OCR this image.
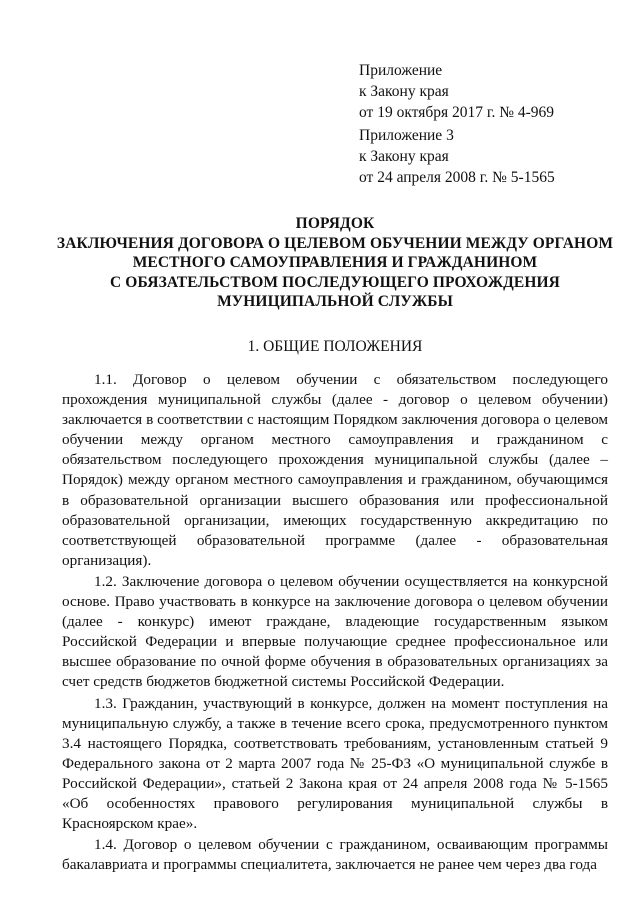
Приложение
к Закону края
от 19 октября 2017 г. № 4-969
Приложение 3
к Закону края
от 24 апреля 2008 г. № 5-1565
ПОРЯДОК
ЗАКЛЮЧЕНИЯ ДОГОВОРА О ЦЕЛЕВОМ ОБУЧЕНИИ МЕЖДУ ОРГАНОМ
МЕСТНОГО САМОУПРАВЛЕНИЯ И ГРАЖДАНИНОМ
С ОБЯЗАТЕЛЬСТВОМ ПОСЛЕДУЮЩЕГО ПРОХОЖДЕНИЯ
МУНИЦИПАЛЬНОЙ СЛУЖБЫ
1. ОБЩИЕ ПОЛОЖЕНИЯ

1.1. Договор о целевом обучении с обязательством последующего прохождения муниципальной службы (далее - договор о целевом обучении) заключается в соответствии с настоящим Порядком заключения договора о целевом обучении между органом местного самоуправления и гражданином с обязательством последующего прохождения муниципальной службы (далее – Порядок) между органом местного самоуправления и гражданином, обучающимся в образовательной организации высшего образования или профессиональной образовательной организации, имеющих государственную аккредитацию по соответствующей образовательной программе (далее - образовательная организация).

1.2. Заключение договора о целевом обучении осуществляется на конкурсной основе. Право участвовать в конкурсе на заключение договора о целевом обучении (далее - конкурс) имеют граждане, владеющие государственным языком Российской Федерации и впервые получающие среднее профессиональное или высшее образование по очной форме обучения в образовательных организациях за счет средств бюджетов бюджетной системы Российской Федерации.

1.3. Гражданин, участвующий в конкурсе, должен на момент поступления на муниципальную службу, а также в течение всего срока, предусмотренного пунктом 3.4 настоящего Порядка, соответствовать требованиям, установленным статьей 9 Федерального закона от 2 марта 2007 года № 25-ФЗ «О муниципальной службе в Российской Федерации», статьей 2 Закона края от 24 апреля 2008 года № 5-1565 «Об особенностях правового регулирования муниципальной службы в Красноярском крае».

1.4. Договор о целевом обучении с гражданином, осваивающим программы бакалавриата и программы специалитета, заключается не ранее чем через два года
